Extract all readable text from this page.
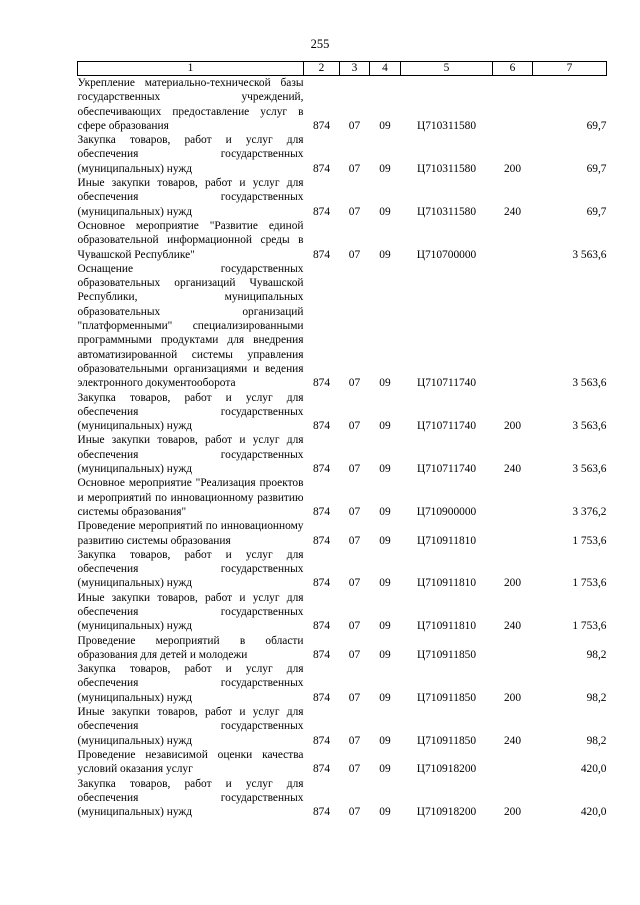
255
1	2	3	4	5	6	7
Укрепление материально-технической базы государственных учреждений, обеспечивающих предоставление услуг в сфере образования	874	07	09	Ц710311580		69,7
Закупка товаров, работ и услуг для обеспечения государственных (муниципальных) нужд	874	07	09	Ц710311580	200	69,7
Иные закупки товаров, работ и услуг для обеспечения государственных (муниципальных) нужд	874	07	09	Ц710311580	240	69,7
Основное мероприятие "Развитие единой образовательной информационной среды в Чувашской Республике"	874	07	09	Ц710700000		3 563,6
Оснащение государственных образовательных организаций Чувашской Республики, муниципальных образовательных организаций "платформенными" специализированными программными продуктами для внедрения автоматизированной системы управления образовательными организациями и ведения электронного документооборота	874	07	09	Ц710711740		3 563,6
Закупка товаров, работ и услуг для обеспечения государственных (муниципальных) нужд	874	07	09	Ц710711740	200	3 563,6
Иные закупки товаров, работ и услуг для обеспечения государственных (муниципальных) нужд	874	07	09	Ц710711740	240	3 563,6
Основное мероприятие "Реализация проектов и мероприятий по инновационному развитию системы образования"	874	07	09	Ц710900000		3 376,2
Проведение мероприятий по инновационному развитию системы образования	874	07	09	Ц710911810		1 753,6
Закупка товаров, работ и услуг для обеспечения государственных (муниципальных) нужд	874	07	09	Ц710911810	200	1 753,6
Иные закупки товаров, работ и услуг для обеспечения государственных (муниципальных) нужд	874	07	09	Ц710911810	240	1 753,6
Проведение мероприятий в области образования для детей и молодежи	874	07	09	Ц710911850		98,2
Закупка товаров, работ и услуг для обеспечения государственных (муниципальных) нужд	874	07	09	Ц710911850	200	98,2
Иные закупки товаров, работ и услуг для обеспечения государственных (муниципальных) нужд	874	07	09	Ц710911850	240	98,2
Проведение независимой оценки качества условий оказания услуг	874	07	09	Ц710918200		420,0
Закупка товаров, работ и услуг для обеспечения государственных (муниципальных) нужд	874	07	09	Ц710918200	200	420,0
